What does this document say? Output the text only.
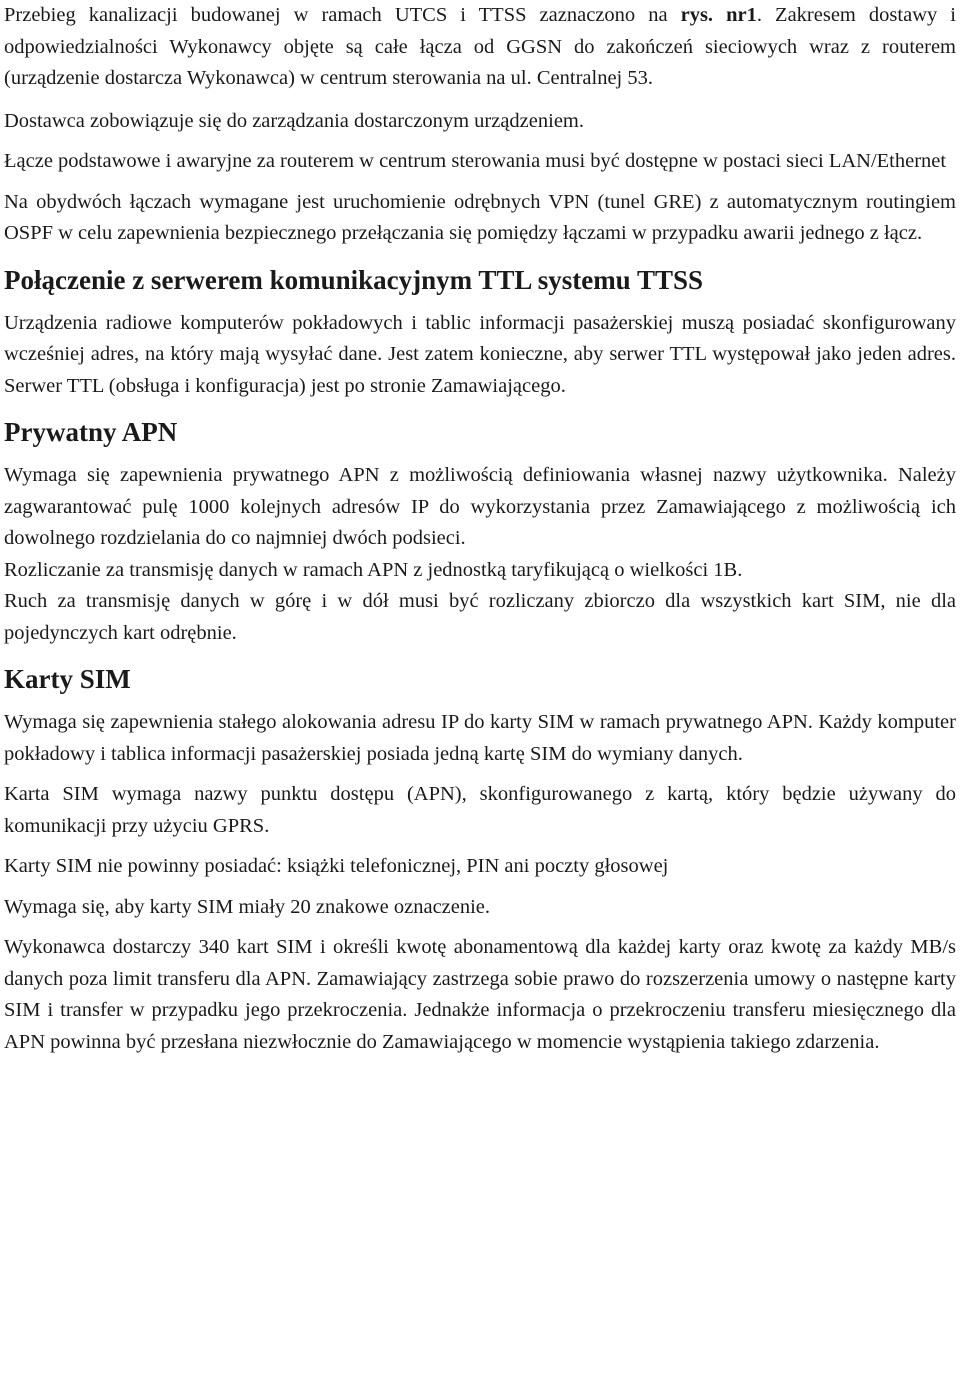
Przebieg kanalizacji budowanej w ramach UTCS i TTSS zaznaczono na rys. nr1. Zakresem dostawy i odpowiedzialności Wykonawcy objęte są całe łącza od GGSN do zakończeń sieciowych wraz z routerem (urządzenie dostarcza Wykonawca) w centrum sterowania na ul. Centralnej 53.

Dostawca zobowiązuje się do zarządzania dostarczonym urządzeniem.

Łącze podstawowe i awaryjne za routerem w centrum sterowania musi być dostępne w postaci sieci LAN/Ethernet

Na obydwóch łączach wymagane jest uruchomienie odrębnych VPN (tunel GRE) z automatycznym routingiem OSPF w celu zapewnienia bezpiecznego przełączania się pomiędzy łączami w przypadku awarii jednego z łącz.

Połączenie z serwerem komunikacyjnym TTL systemu TTSS

Urządzenia radiowe komputerów pokładowych i tablic informacji pasażerskiej muszą posiadać skonfigurowany wcześniej adres, na który mają wysyłać dane. Jest zatem konieczne, aby serwer TTL występował jako jeden adres. Serwer TTL (obsługa i konfiguracja) jest po stronie Zamawiającego.

Prywatny APN

Wymaga się zapewnienia prywatnego APN z możliwością definiowania własnej nazwy użytkownika. Należy zagwarantować pulę 1000 kolejnych adresów IP do wykorzystania przez Zamawiającego z możliwością ich dowolnego rozdzielania do co najmniej dwóch podsieci.

Rozliczanie za transmisję danych w ramach APN z jednostką taryfikującą o wielkości 1B.

Ruch za transmisję danych w górę i w dół musi być rozliczany zbiorczo dla wszystkich kart SIM, nie dla pojedynczych kart odrębnie.

Karty SIM

Wymaga się zapewnienia stałego alokowania adresu IP do karty SIM w ramach prywatnego APN. Każdy komputer pokładowy i tablica informacji pasażerskiej posiada jedną kartę SIM do wymiany danych.

Karta SIM wymaga nazwy punktu dostępu (APN), skonfigurowanego z kartą, który będzie używany do komunikacji przy użyciu GPRS.

Karty SIM nie powinny posiadać: książki telefonicznej, PIN ani poczty głosowej

Wymaga się, aby karty SIM miały 20 znakowe oznaczenie.

Wykonawca dostarczy 340 kart SIM i określi kwotę abonamentową dla każdej karty oraz kwotę za każdy MB/s danych poza limit transferu dla APN. Zamawiający zastrzega sobie prawo do rozszerzenia umowy o następne karty SIM i transfer w przypadku jego przekroczenia. Jednakże informacja o przekroczeniu transferu miesięcznego dla APN powinna być przesłana niezwłocznie do Zamawiającego w momencie wystąpienia takiego zdarzenia.
